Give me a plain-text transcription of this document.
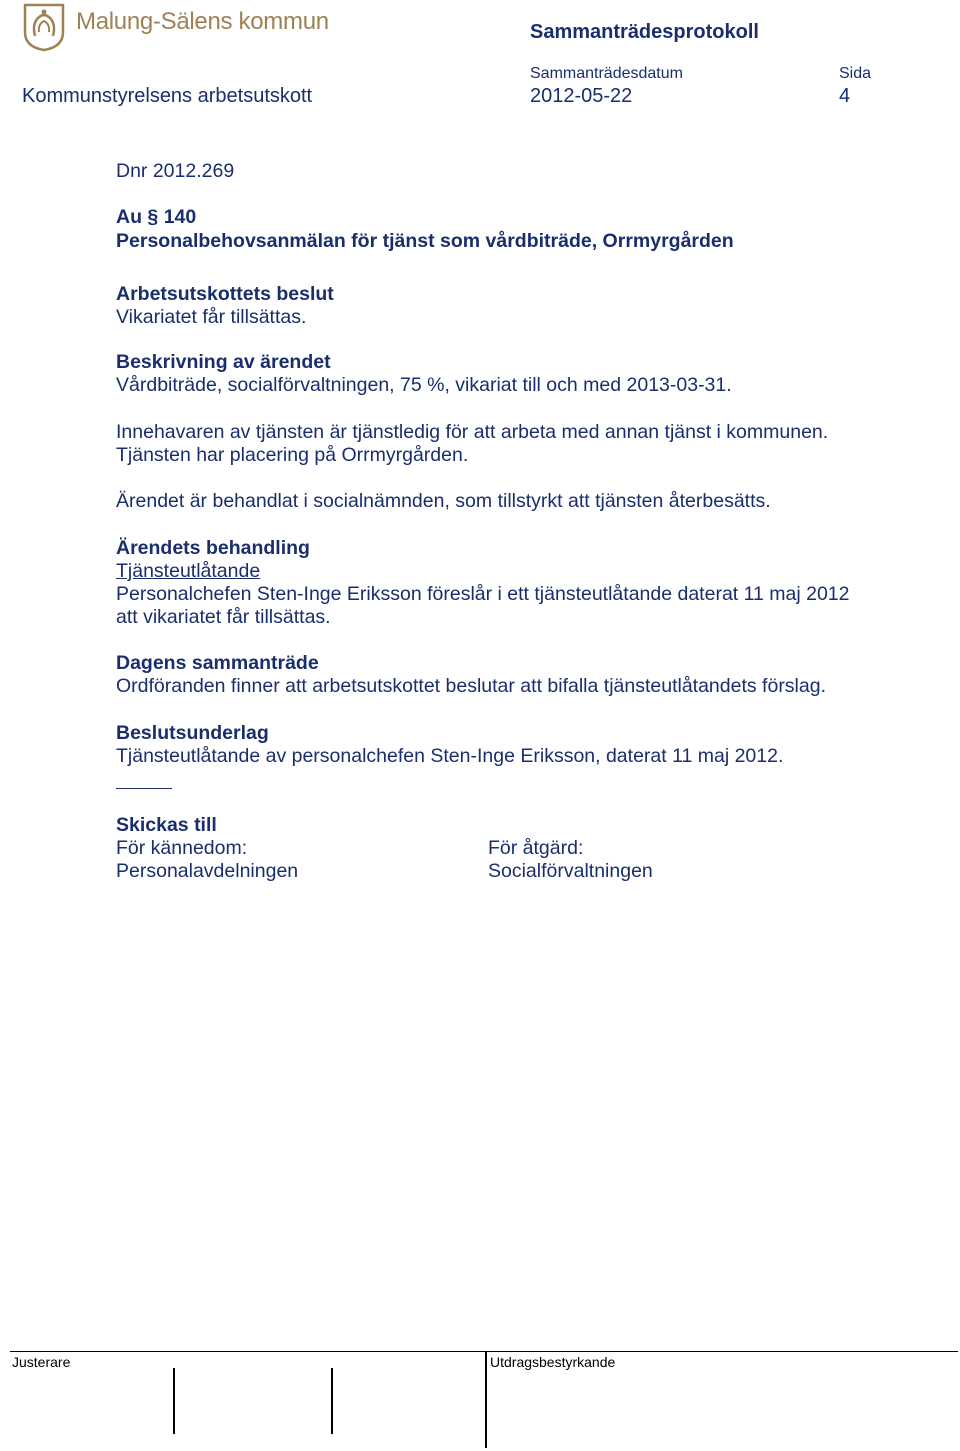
Malung-Sälens kommun	Sammanträdesprotokoll
Kommunstyrelsens arbetsutskott
Sammanträdesdatum
2012-05-22
Sida
4
Dnr 2012.269
Au § 140
Personalbehovsanmälan för tjänst som vårdbiträde, Orrmyrgården
Arbetsutskottets beslut
Vikariatet får tillsättas.
Beskrivning av ärendet
Vårdbiträde, socialförvaltningen, 75 %, vikariat till och med 2013-03-31.
Innehavaren av tjänsten är tjänstledig för att arbeta med annan tjänst i kommunen.
Tjänsten har placering på Orrmyrgården.
Ärendet är behandlat i socialnämnden, som tillstyrkt att tjänsten återbesätts.
Ärendets behandling
Tjänsteutlåtande
Personalchefen Sten-Inge Eriksson föreslår i ett tjänsteutlåtande daterat 11 maj 2012
att vikariatet får tillsättas.
Dagens sammanträde
Ordföranden finner att arbetsutskottet beslutar att bifalla tjänsteutlåtandets förslag.
Beslutsunderlag
Tjänsteutlåtande av personalchefen Sten-Inge Eriksson, daterat 11 maj 2012.
Skickas till
För kännedom:
Personalavdelningen
För åtgärd:
Socialförvaltningen
Justerare	Utdragsbestyrkande
